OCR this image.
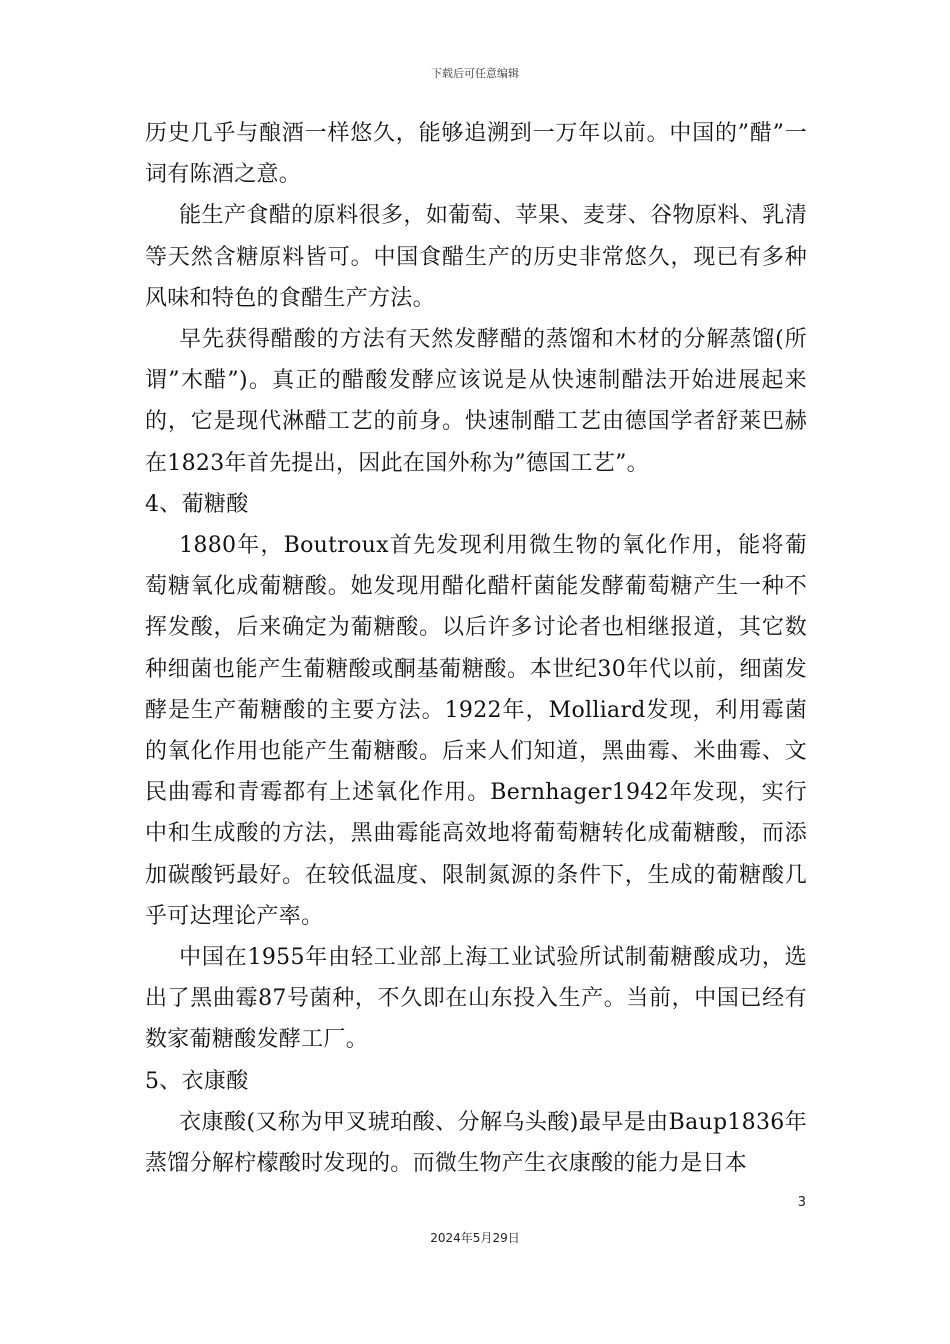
下载后可任意编辑

历史几乎与酿酒一样悠久，能够追溯到一万年以前。中国的”醋”一词有陈酒之意。

能生产食醋的原料很多，如葡萄、苹果、麦芽、谷物原料、乳清等天然含糖原料皆可。中国食醋生产的历史非常悠久，现已有多种风味和特色的食醋生产方法。

早先获得醋酸的方法有天然发酵醋的蒸馏和木材的分解蒸馏(所谓”木醋”)。真正的醋酸发酵应该说是从快速制醋法开始进展起来的，它是现代淋醋工艺的前身。快速制醋工艺由德国学者舒莱巴赫在1823年首先提出，因此在国外称为”德国工艺”。

4、葡糖酸

1880年，Boutroux首先发现利用微生物的氧化作用，能将葡萄糖氧化成葡糖酸。她发现用醋化醋杆菌能发酵葡萄糖产生一种不挥发酸，后来确定为葡糖酸。以后许多讨论者也相继报道，其它数种细菌也能产生葡糖酸或酮基葡糖酸。本世纪30年代以前，细菌发酵是生产葡糖酸的主要方法。1922年，Molliard发现，利用霉菌的氧化作用也能产生葡糖酸。后来人们知道，黑曲霉、米曲霉、文民曲霉和青霉都有上述氧化作用。Bernhager1942年发现，实行中和生成酸的方法，黑曲霉能高效地将葡萄糖转化成葡糖酸，而添加碳酸钙最好。在较低温度、限制氮源的条件下，生成的葡糖酸几乎可达理论产率。

中国在1955年由轻工业部上海工业试验所试制葡糖酸成功，选出了黑曲霉87号菌种，不久即在山东投入生产。当前，中国已经有数家葡糖酸发酵工厂。

5、衣康酸

衣康酸(又称为甲叉琥珀酸、分解乌头酸)最早是由Baup1836年蒸馏分解柠檬酸时发现的。而微生物产生衣康酸的能力是日本

3
2024年5月29日
